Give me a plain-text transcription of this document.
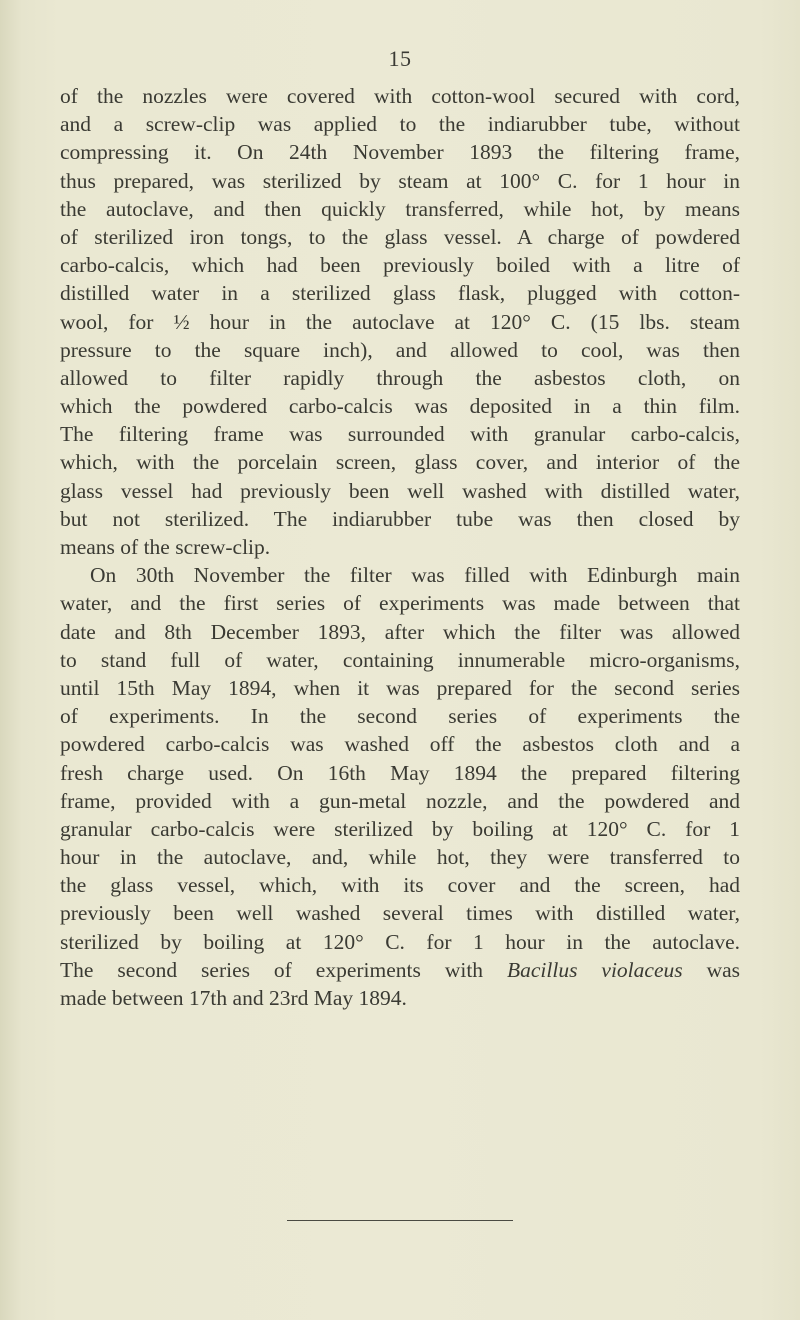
15
of the nozzles were covered with cotton-wool secured with cord,
and a screw-clip was applied to the indiarubber tube, without
compressing it. On 24th November 1893 the filtering frame,
thus prepared, was sterilized by steam at 100° C. for 1 hour in
the autoclave, and then quickly transferred, while hot, by means
of sterilized iron tongs, to the glass vessel. A charge of powdered
carbo-calcis, which had been previously boiled with a litre of
distilled water in a sterilized glass flask, plugged with cotton-
wool, for ½ hour in the autoclave at 120° C. (15 lbs. steam
pressure to the square inch), and allowed to cool, was then
allowed to filter rapidly through the asbestos cloth, on
which the powdered carbo-calcis was deposited in a thin film.
The filtering frame was surrounded with granular carbo-calcis,
which, with the porcelain screen, glass cover, and interior of the
glass vessel had previously been well washed with distilled water,
but not sterilized. The indiarubber tube was then closed by
means of the screw-clip.
On 30th November the filter was filled with Edinburgh main
water, and the first series of experiments was made between that
date and 8th December 1893, after which the filter was allowed
to stand full of water, containing innumerable micro-organisms,
until 15th May 1894, when it was prepared for the second series
of experiments. In the second series of experiments the
powdered carbo-calcis was washed off the asbestos cloth and a
fresh charge used. On 16th May 1894 the prepared filtering
frame, provided with a gun-metal nozzle, and the powdered and
granular carbo-calcis were sterilized by boiling at 120° C. for 1
hour in the autoclave, and, while hot, they were transferred to
the glass vessel, which, with its cover and the screen, had
previously been well washed several times with distilled water,
sterilized by boiling at 120° C. for 1 hour in the autoclave.
The second series of experiments with Bacillus violaceus was
made between 17th and 23rd May 1894.
